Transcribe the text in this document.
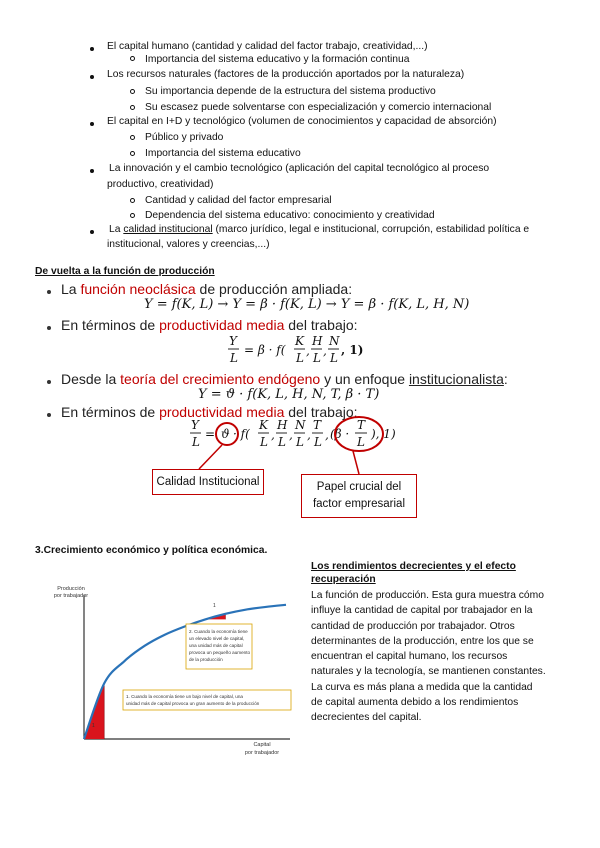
El capital humano (cantidad y calidad del factor trabajo, creatividad,...)
Importancia del sistema educativo y la formación continua
Los recursos naturales (factores de la producción aportados por la naturaleza)
Su importancia depende de la estructura del sistema productivo
Su escasez puede solventarse con especialización y comercio internacional
El capital en I+D y tecnológico (volumen de conocimientos y capacidad de absorción)
Público y privado
Importancia del sistema educativo
La innovación y el cambio tecnológico (aplicación del capital tecnológico al proceso
productivo, creatividad)
Cantidad y calidad del factor empresarial
Dependencia del sistema educativo: conocimiento y creatividad
La calidad institucional (marco jurídico, legal e institucional, corrupción, estabilidad política e
institucional, valores y creencias,...)
De vuelta a la función de producción
La función neoclásica de producción ampliada:
Y = f(K, L) → Y = β · f(K, L) → Y = β · f(K, L, H, N)
En términos de productividad media del trabajo:
Y
L
= β · f(
K
L ,
H
L ,
N
L
, 1)
Desde la teoría del crecimiento endógeno y un enfoque institucionalista:
Y = ϑ · f(K, L, H, N, T, β · T)
En términos de productividad media del trabajo:
Y
L
= ϑ · f(
K
L ,
H
L ,
N
L ,
T
L , (β ·
T
L
), 1)
Calidad Institucional	Papel crucial del
factor empresarial
3.Crecimiento económico y política económica.
Producción
por trabajador
Capital
por trabajador
1
1
2. Cuando la economía tiene
un elevado nivel de capital,
una unidad más de capital
provoca un pequeño aumento
de la producción
1. Cuando la economía tiene un bajo nivel de capital, una
unidad más de capital provoca un gran aumento de la producción
Los rendimientos decrecientes y el efecto
recuperación
La función de producción. Esta gura muestra cómo
influye la cantidad de capital por trabajador en la
cantidad de producción por trabajador. Otros
determinantes de la producción, entre los que se
encuentran el capital humano, los recursos
naturales y la tecnología, se mantienen constantes.
La curva es más plana a medida que la cantidad
de capital aumenta debido a los rendimientos
decrecientes del capital.
